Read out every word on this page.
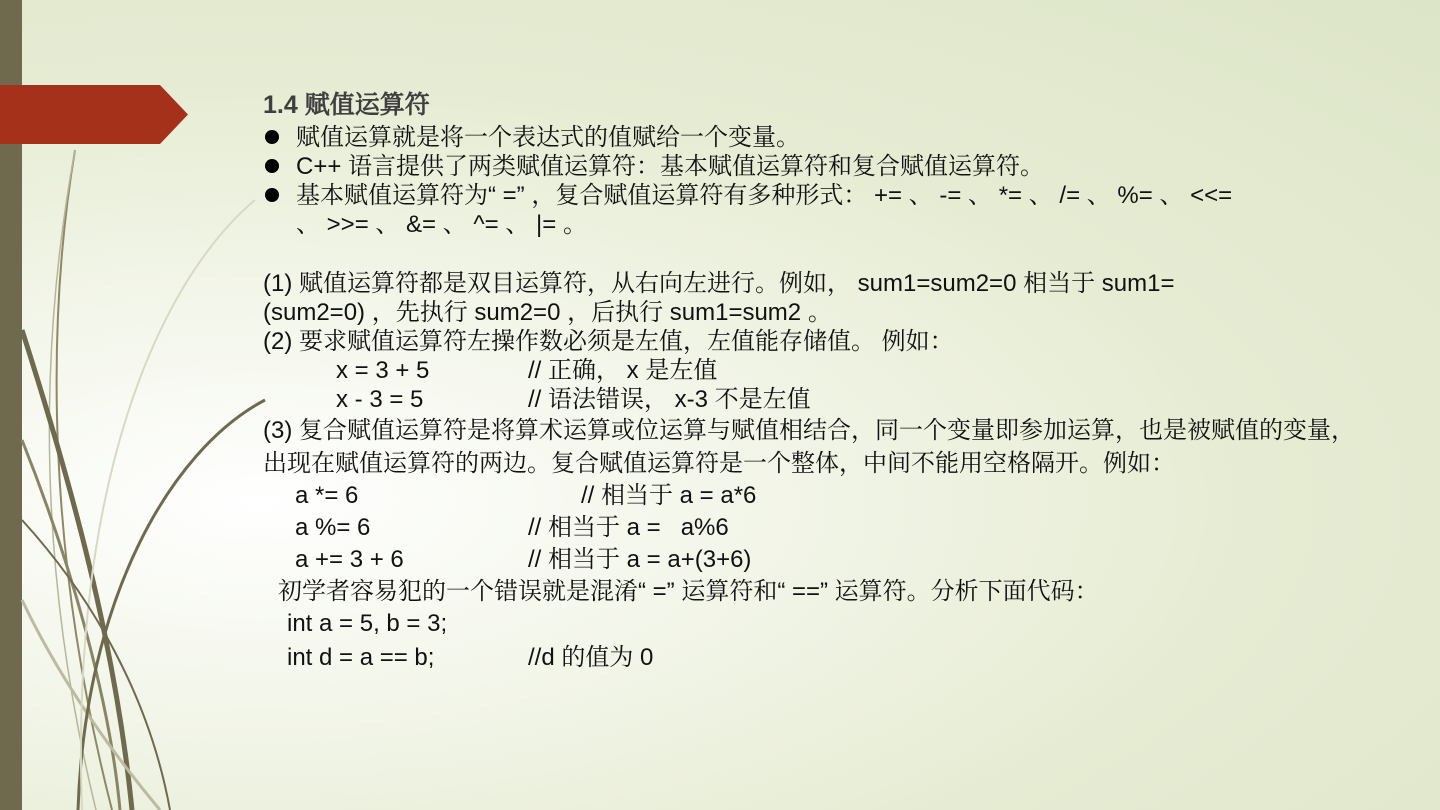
1.4 赋值运算符
赋值运算就是将一个表达式的值赋给一个变量。
C++ 语言提供了两类赋值运算符：基本赋值运算符和复合赋值运算符。
基本赋值运算符为“ =” ，复合赋值运算符有多种形式： += 、 -= 、 *= 、 /= 、 %= 、 <<= 、 >>= 、 &= 、 ^= 、 |= 。

(1) 赋值运算符都是双目运算符，从右向左进行。例如， sum1=sum2=0 相当于 sum1=(sum2=0) ，先执行 sum2=0 ，后执行 sum1=sum2 。

(2) 要求赋值运算符左操作数必须是左值，左值能存储值。 例如：

x = 3 + 5	// 正确， x 是左值
x - 3 = 5	// 语法错误， x-3 不是左值

(3) 复合赋值运算符是将算术运算或位运算与赋值相结合，同一个变量即参加运算，也是被赋值的变量，出现在赋值运算符的两边。复合赋值运算符是一个整体，中间不能用空格隔开。例如：

a *= 6	// 相当于 a = a*6
a %= 6	// 相当于 a =   a%6
a += 3 + 6	// 相当于 a = a+(3+6)
初学者容易犯的一个错误就是混淆“ =” 运算符和“ ==” 运算符。分析下面代码：
int a = 5, b = 3;
int d = a == b;	//d 的值为 0
